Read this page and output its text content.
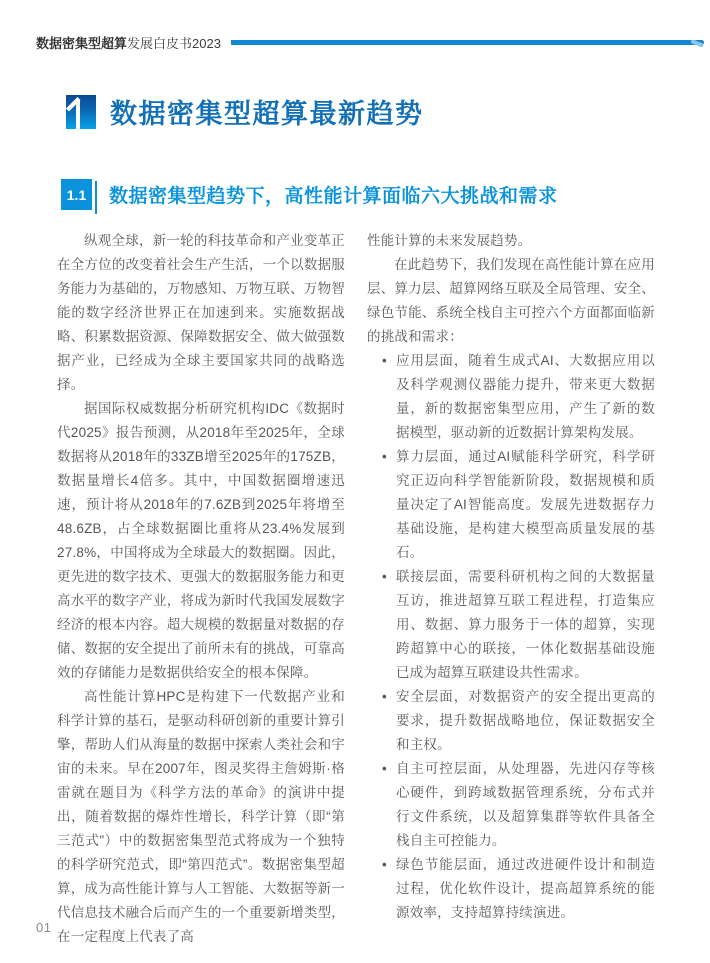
数据密集型超算发展白皮书2023
数据密集型超算最新趋势
1.1	数据密集型趋势下，高性能计算面临六大挑战和需求

纵观全球，新一轮的科技革命和产业变革正在全方位的改变着社会生产生活，一个以数据服务能力为基础的，万物感知、万物互联、万物智能的数字经济世界正在加速到来。实施数据战略、积累数据资源、保障数据安全、做大做强数据产业，已经成为全球主要国家共同的战略选择。

据国际权威数据分析研究机构IDC《数据时代2025》报告预测，从2018年至2025年，全球数据将从2018年的33ZB增至2025年的175ZB，数据量增长4倍多。其中，中国数据圈增速迅速，预计将从2018年的7.6ZB到2025年将增至48.6ZB，占全球数据圈比重将从23.4%发展到27.8%，中国将成为全球最大的数据圈。因此，更先进的数字技术、更强大的数据服务能力和更高水平的数字产业，将成为新时代我国发展数字经济的根本内容。超大规模的数据量对数据的存储、数据的安全提出了前所未有的挑战，可靠高效的存储能力是数据供给安全的根本保障。

高性能计算HPC是构建下一代数据产业和科学计算的基石，是驱动科研创新的重要计算引擎，帮助人们从海量的数据中探索人类社会和宇宙的未来。早在2007年，图灵奖得主詹姆斯·格雷就在题目为《科学方法的革命》的演讲中提出，随着数据的爆炸性增长，科学计算（即“第三范式”）中的数据密集型范式将成为一个独特的科学研究范式，即“第四范式”。数据密集型超算，成为高性能计算与人工智能、大数据等新一代信息技术融合后而产生的一个重要新增类型，在一定程度上代表了高

性能计算的未来发展趋势。

在此趋势下，我们发现在高性能计算在应用层、算力层、超算网络互联及全局管理、安全、绿色节能、系统全栈自主可控六个方面都面临新的挑战和需求：

• 应用层面，随着生成式AI、大数据应用以及科学观测仪器能力提升，带来更大数据量，新的数据密集型应用，产生了新的数据模型，驱动新的近数据计算架构发展。
• 算力层面，通过AI赋能科学研究，科学研究正迈向科学智能新阶段，数据规模和质量决定了AI智能高度。发展先进数据存力基础设施，是构建大模型高质量发展的基石。
• 联接层面，需要科研机构之间的大数据量互访，推进超算互联工程进程，打造集应用、数据、算力服务于一体的超算，实现跨超算中心的联接，一体化数据基础设施已成为超算互联建设共性需求。
• 安全层面，对数据资产的安全提出更高的要求，提升数据战略地位，保证数据安全和主权。
• 自主可控层面，从处理器，先进闪存等核心硬件，到跨域数据管理系统，分布式并行文件系统，以及超算集群等软件具备全栈自主可控能力。
• 绿色节能层面，通过改进硬件设计和制造过程，优化软件设计，提高超算系统的能源效率，支持超算持续演进。
01
